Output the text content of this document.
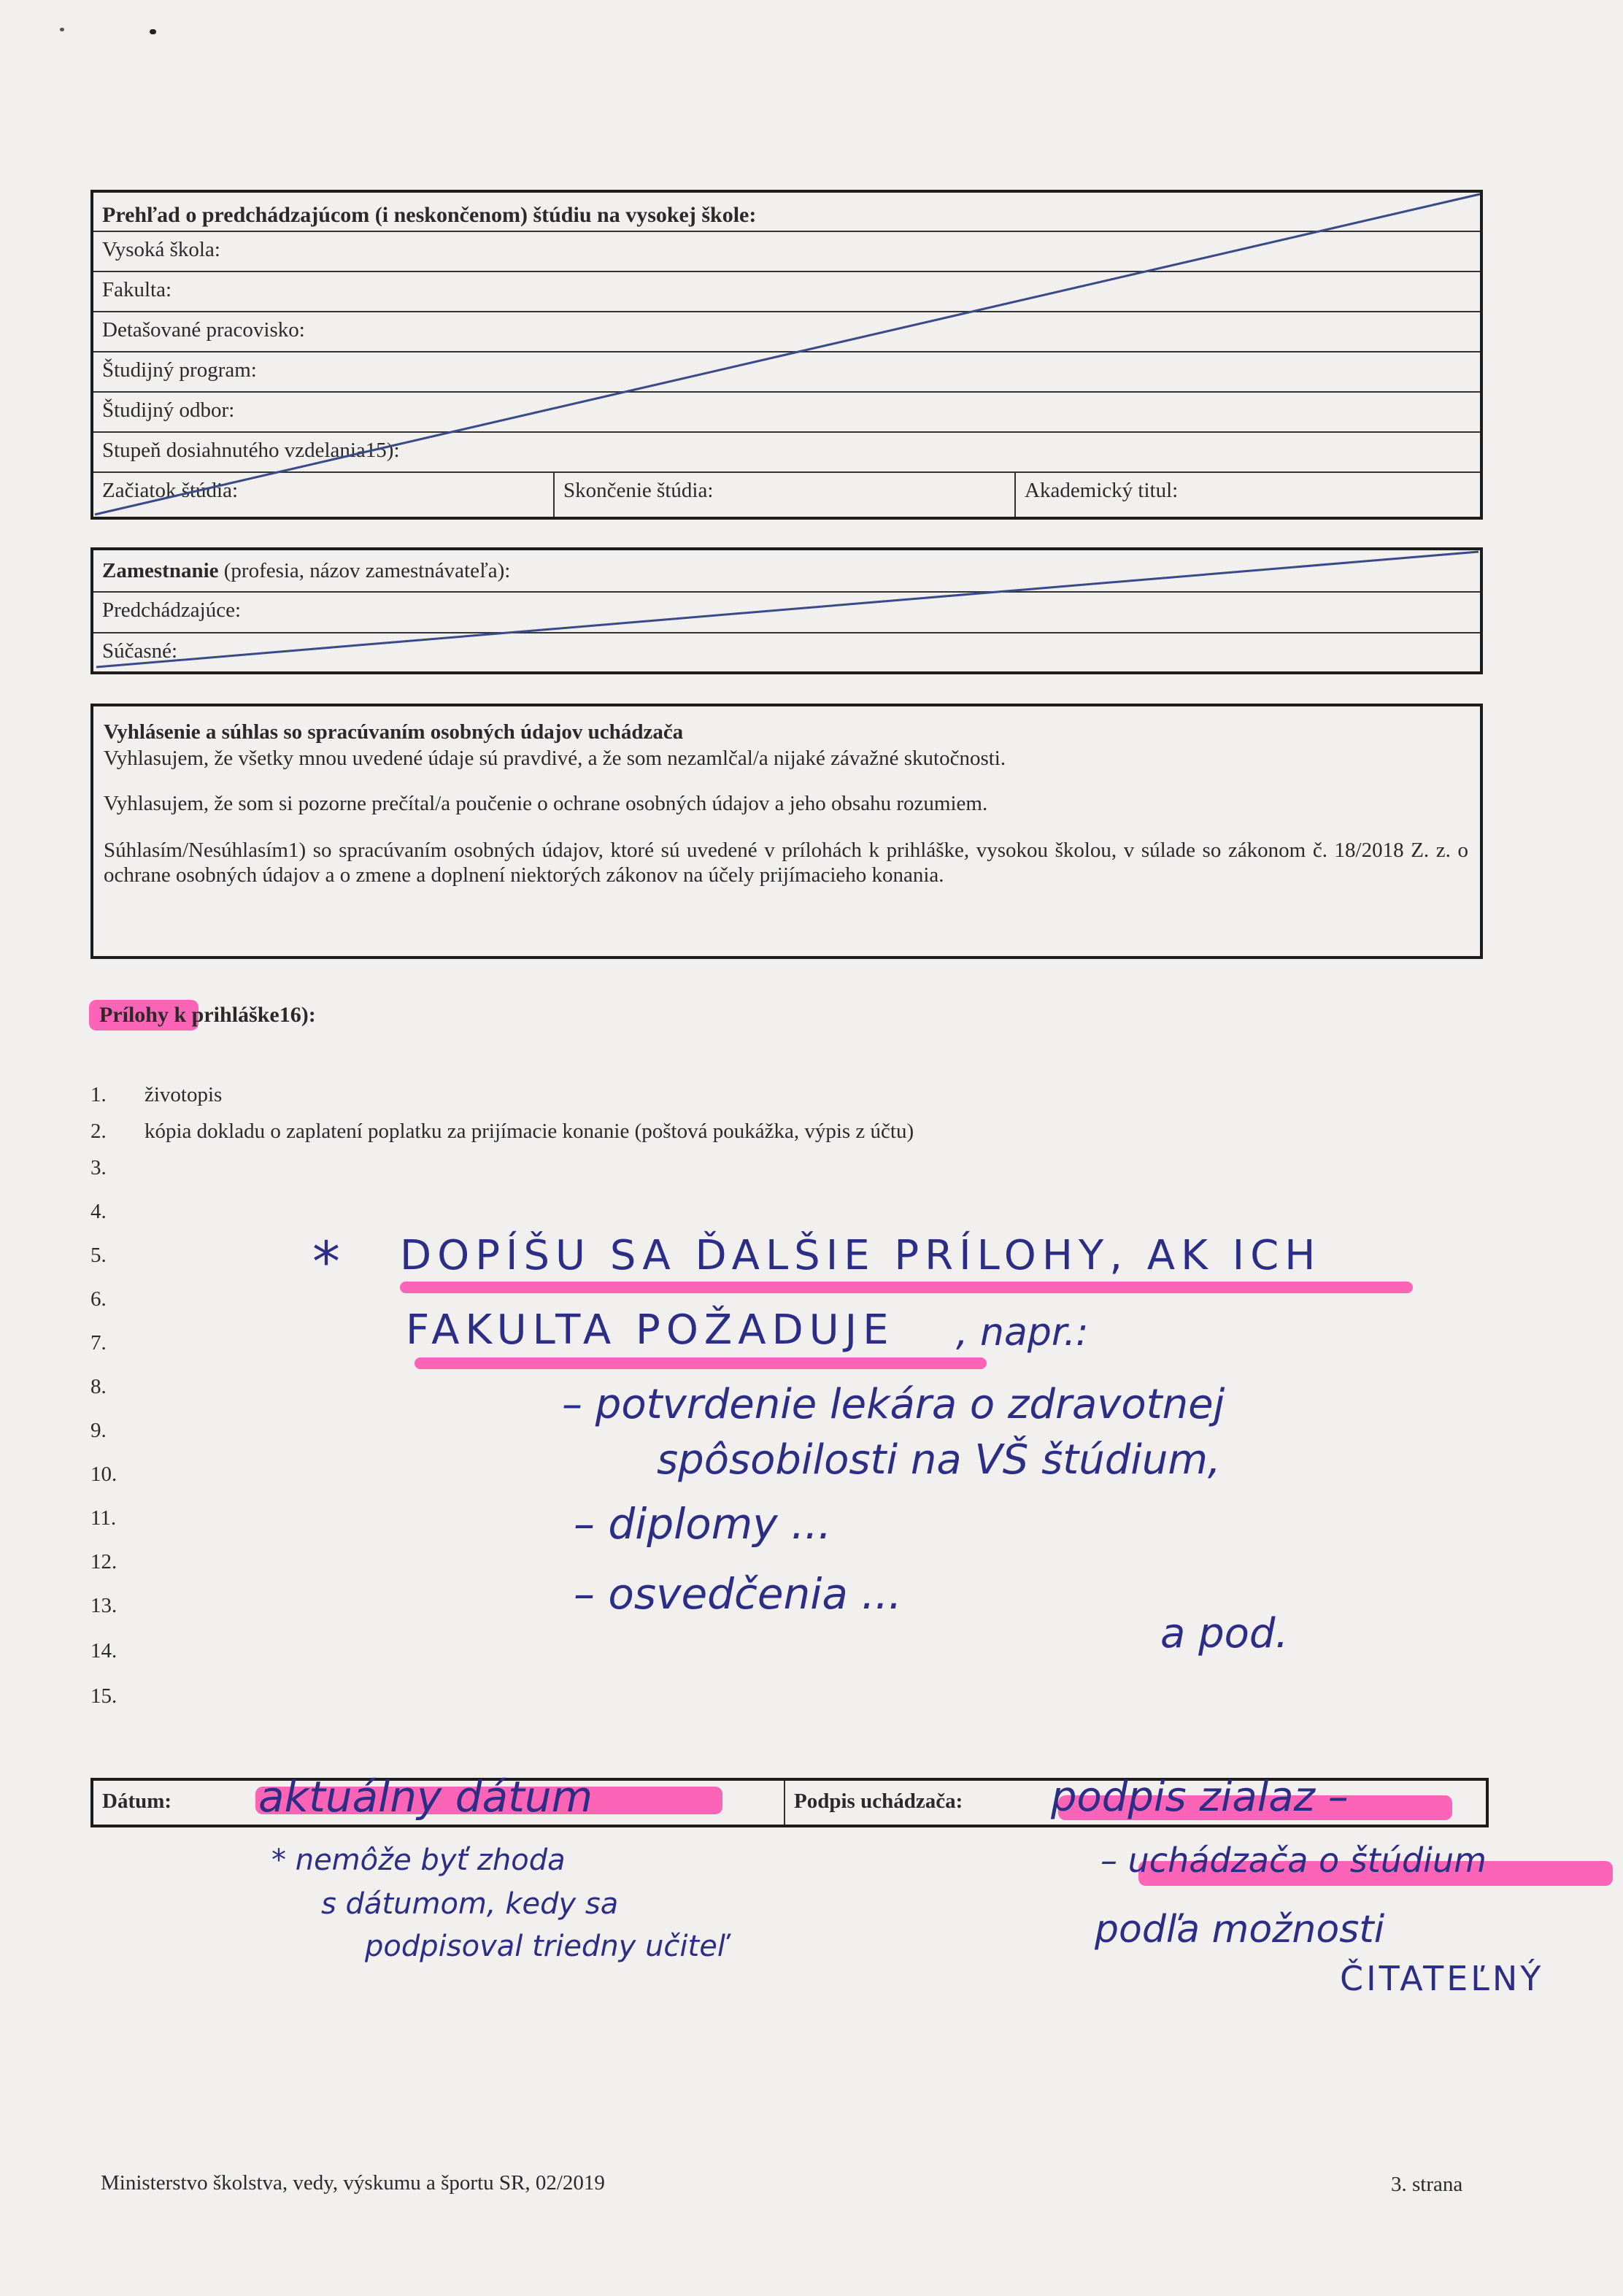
Prehľad o predchádzajúcom (i neskončenom) štúdiu na vysokej škole:
Vysoká škola:
Fakulta:
Detašované pracovisko:
Študijný program:
Študijný odbor:
Stupeň dosiahnutého vzdelania15):
Začiatok štúdia:	Skončenie štúdia:	Akademický titul:
Zamestnanie (profesia, názov zamestnávateľa):
Predchádzajúce:
Súčasné:
Vyhlásenie a súhlas so spracúvaním osobných údajov uchádzača
Vyhlasujem, že všetky mnou uvedené údaje sú pravdivé, a že som nezamlčal/a nijaké závažné skutočnosti.
Vyhlasujem, že som si pozorne prečítal/a poučenie o ochrane osobných údajov a jeho obsahu rozumiem.
Súhlasím/Nesúhlasím1) so spracúvaním osobných údajov, ktoré sú uvedené v prílohách k prihláške, vysokou školou, v súlade so zákonom č. 18/2018 Z. z. o ochrane osobných údajov a o zmene a doplnení niektorých zákonov na účely prijímacieho konania.
Prílohy k prihláške16):
1.
2.
3.
4.
5.
6.
7.
8.
9.
10.
11.
12.
13.
14.
15.
životopis
kópia dokladu o zaplatení poplatku za prijímacie konanie (poštová poukážka, výpis z účtu)
* DOPÍŠU SA ĎALŠIE PRÍLOHY, AK ICH
FAKULTA POŽADUJE , napr.:
– potvrdenie lekára o zdravotnej
spôsobilosti na VŠ štúdium,
– diplomy ...
– osvedčenia ...
a pod.
Dátum:	Podpis uchádzača:
aktuálny dátum
* nemôže byť zhoda
s dátumom, kedy sa
podpisoval triedny učiteľ
podpis zialaz –
– uchádzača o štúdium
podľa možnosti
ČITATEĽNÝ
Ministerstvo školstva, vedy, výskumu a športu SR, 02/2019	3. strana
